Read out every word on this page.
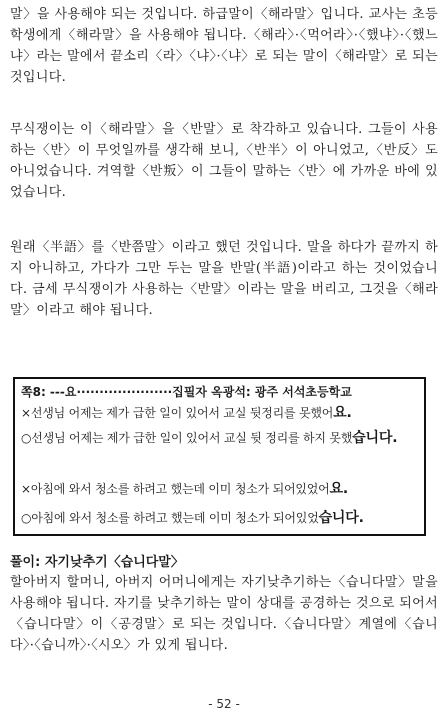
말〉을 사용해야 되는 것입니다. 하급말이〈해라말〉입니다. 교사는 초등학생에게〈해라말〉을 사용해야 됩니다.〈해라〉·〈먹어라〉·〈했냐〉·〈했느냐〉라는 말에서 끝소리〈라〉〈냐〉·〈냐〉로 되는 말이〈해라말〉로 되는 것입니다.

무식쟁이는 이〈해라말〉을〈반말〉로 착각하고 있습니다. 그들이 사용하는〈반〉이 무엇일까를 생각해 보니,〈반半〉이 아니었고,〈반反〉도 아니었습니다. 겨역할〈반叛〉이 그들이 말하는〈반〉에 가까운 바에 있었습니다.

원래〈半語〉를〈반쯤말〉이라고 했던 것입니다. 말을 하다가 끝까지 하지 아니하고, 가다가 그만 두는 말을 반말(半語)이라고 하는 것이었습니다. 금세 무식쟁이가 사용하는〈반말〉이라는 말을 버리고, 그것을〈해라말〉이라고 해야 됩니다.

쪽8: ---요·····················집필자 옥광석: 광주 서석초등학교
×선생님 어제는 제가 급한 일이 있어서 교실 뒷정리를 못했어요.
○선생님 어제는 제가 급한 일이 있어서 교실 뒷 정리를 하지 못했습니다.
×아침에 와서 청소를 하려고 했는데 이미 청소가 되어있었어요.
○아침에 와서 청소를 하려고 했는데 이미 청소가 되어있었습니다.
풀이: 자기낮추기〈습니다말〉

할아버지 할머니, 아버지 어머니에게는 자기낮추기하는〈습니다말〉말을 사용해야 됩니다. 자기를 낮추기하는 말이 상대를 공경하는 것으로 되어서〈습니다말〉이〈공경말〉로 되는 것입니다.〈습니다말〉계열에〈습니다〉·〈습니까〉·〈시오〉가 있게 됩니다.

- 52 -
